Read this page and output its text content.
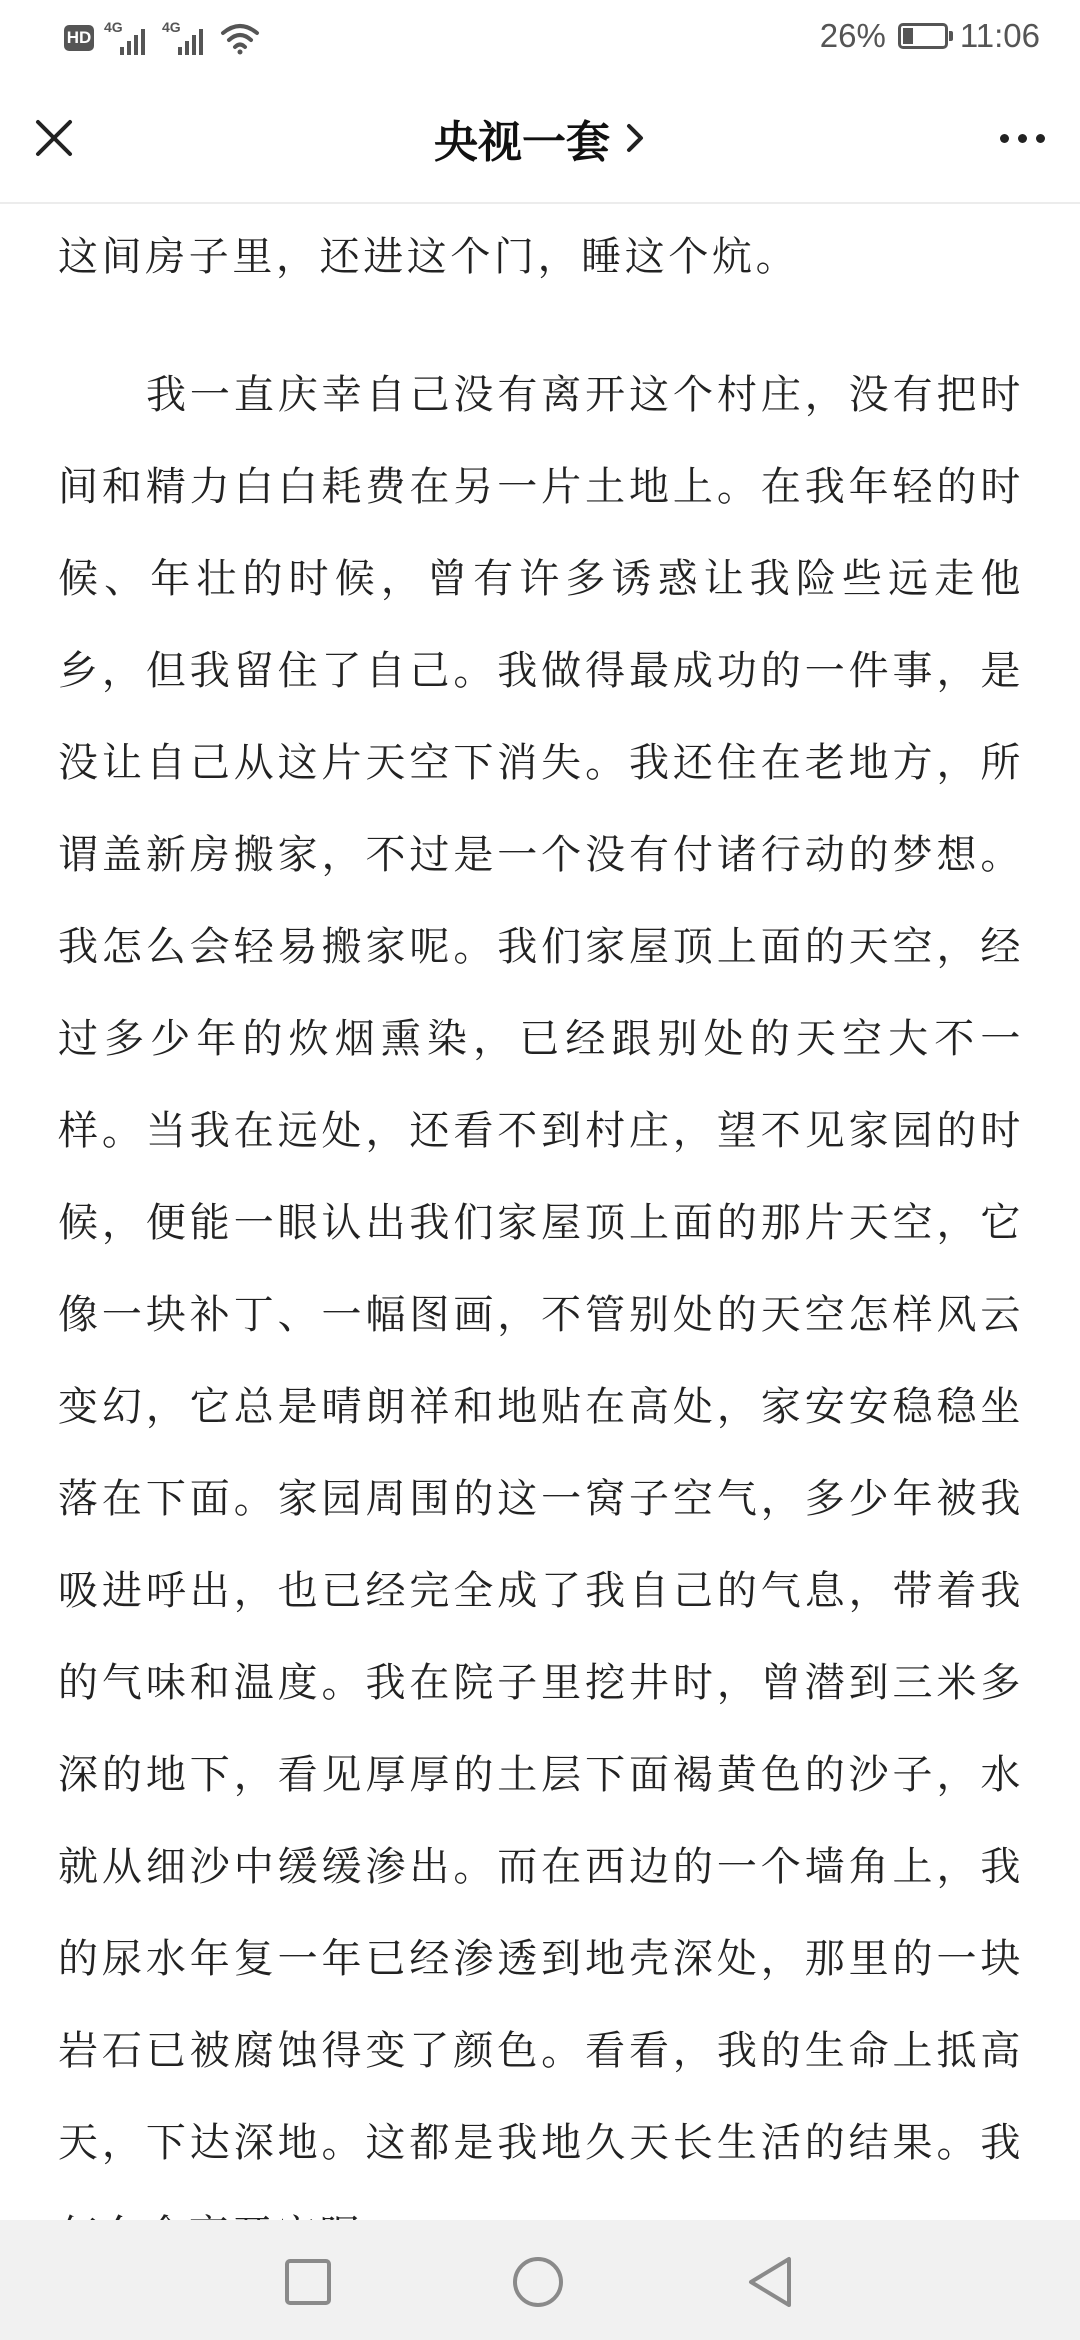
HD
4G	4G	26% 11:06
央视一套

这间房子里，还进这个门，睡这个炕。

我一直庆幸自己没有离开这个村庄，没有把时间和精力白白耗费在另一片土地上。在我年轻的时候、年壮的时候，曾有许多诱惑让我险些远走他乡，但我留住了自己。我做得最成功的一件事，是没让自己从这片天空下消失。我还住在老地方，所谓盖新房搬家，不过是一个没有付诸行动的梦想。我怎么会轻易搬家呢。我们家屋顶上面的天空，经过多少年的炊烟熏染，已经跟别处的天空大不一样。当我在远处，还看不到村庄，望不见家园的时候，便能一眼认出我们家屋顶上面的那片天空，它像一块补丁、一幅图画，不管别处的天空怎样风云变幻，它总是晴朗祥和地贴在高处，家安安稳稳坐落在下面。家园周围的这一窝子空气，多少年被我吸进呼出，也已经完全成了我自己的气息，带着我的气味和温度。我在院子里挖井时，曾潜到三米多深的地下，看见厚厚的土层下面褐黄色的沙子，水就从细沙中缓缓渗出。而在西边的一个墙角上，我的尿水年复一年已经渗透到地壳深处，那里的一块岩石已被腐蚀得变了颜色。看看，我的生命上抵高天，下达深地。这都是我地久天长生活的结果。我
